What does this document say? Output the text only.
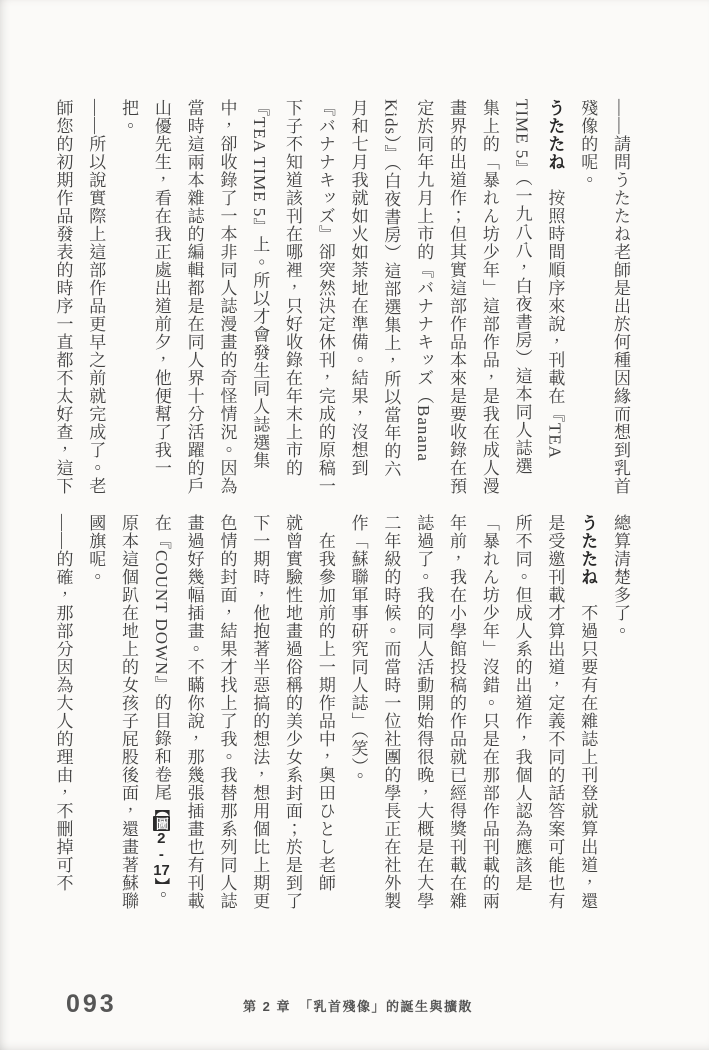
——請問うたたね老師是出於何種因緣而想到乳首
殘像的呢。
うたたね　按照時間順序來說，刊載在『TEA
TIME 5』（一九八八，白夜書房）這本同人誌選
集上的「暴れん坊少年」這部作品，是我在成人漫
畫界的出道作；但其實這部作品本來是要收錄在預
定於同年九月上市的『バナナキッズ（Banana
Kids）』（白夜書房）這部選集上，所以當年的六
月和七月我就如火如荼地在準備。結果，沒想到
『バナナキッズ』卻突然決定休刊，完成的原稿一
下子不知道該刊在哪裡，只好收錄在年末上市的
『TEA TIME 5』上。所以才會發生同人誌選集
中，卻收錄了一本非同人誌漫畫的奇怪情況。因為
當時這兩本雜誌的編輯都是在同人界十分活躍的戶
山優先生，看在我正處出道前夕，他便幫了我一
把。
——所以說實際上這部作品更早之前就完成了。老
師您的初期作品發表的時序一直都不太好查，這下
總算清楚多了。
うたたね　不過只要有在雜誌上刊登就算出道，還
是受邀刊載才算出道，定義不同的話答案可能也有
所不同。但成人系的出道作，我個人認為應該是
「暴れん坊少年」沒錯。只是在那部作品刊載的兩
年前，我在小學館投稿的作品就已經得獎刊載在雜
誌過了。我的同人活動開始得很晚，大概是在大學
二年級的時候。而當時一位社團的學長正在社外製
作「蘇聯軍事研究同人誌」（笑）。
　在我參加前的上一期作品中，奧田ひとし老師
就曾實驗性地畫過俗稱的美少女系封面；於是到了
下一期時，他抱著半惡搞的想法，想用個比上期更
色情的封面，結果才找上了我。我替那系列同人誌
畫過好幾幅插畫。不瞞你說，那幾張插畫也有刊載
在『COUNT DOWN』的目錄和卷尾【圖2-17】。
原本這個趴在地上的女孩子屁股後面，還畫著蘇聯
國旗呢。
——的確，那部分因為大人的理由，不刪掉可不
093	第 2 章　「乳首殘像」的誕生與擴散
